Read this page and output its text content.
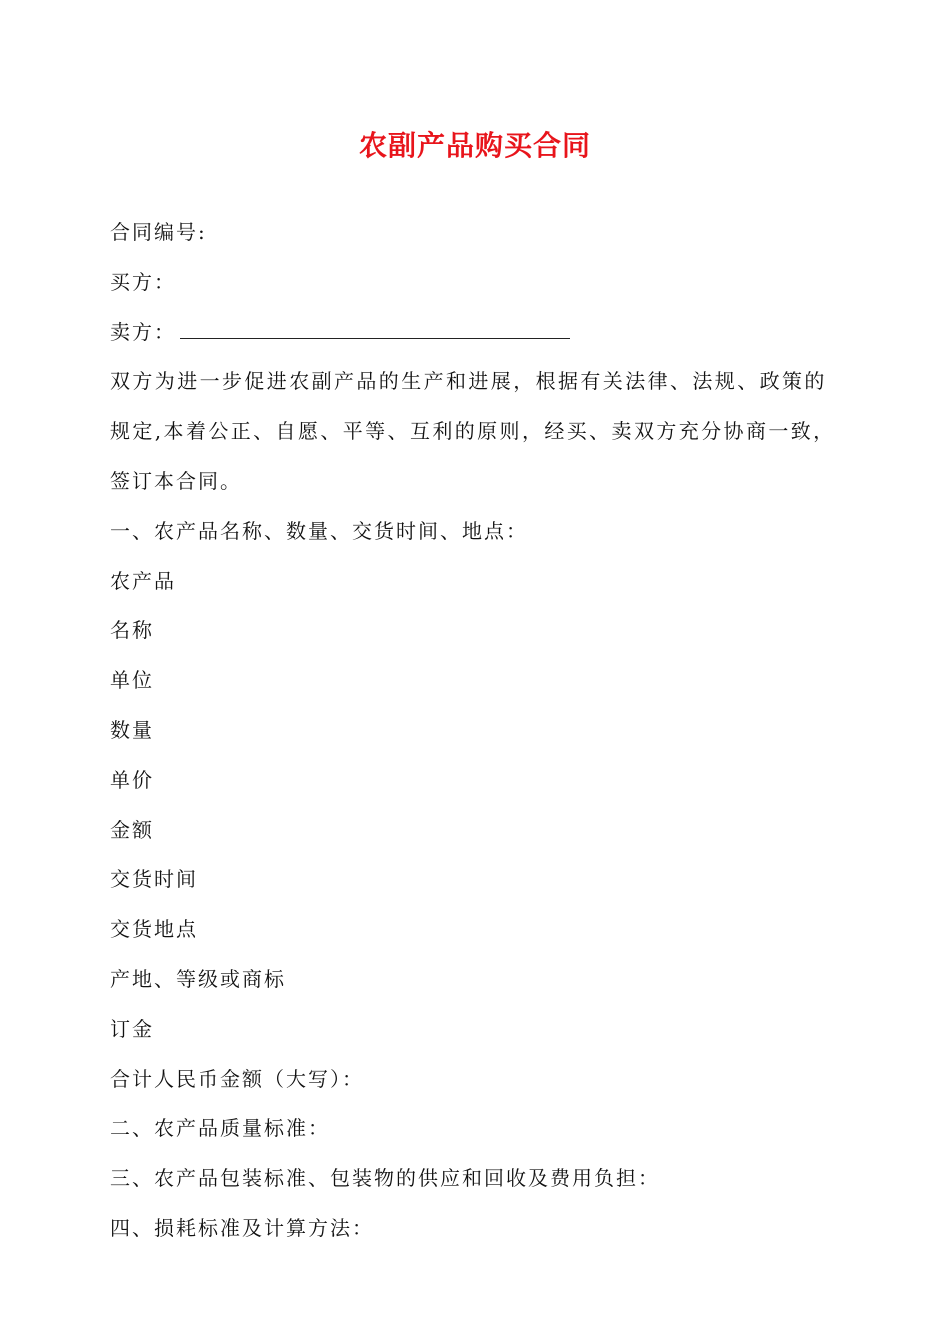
农副产品购买合同
合同编号:
买方：
卖方：
双方为进一步促进农副产品的生产和进展，根据有关法律、法规、政策的
规定,本着公正、自愿、平等、互利的原则，经买、卖双方充分协商一致，
签订本合同。
一、农产品名称、数量、交货时间、地点：
农产品
名称
单位
数量
单价
金额
交货时间
交货地点
产地、等级或商标
订金
合计人民币金额（大写）：
二、农产品质量标准：
三、农产品包装标准、包装物的供应和回收及费用负担：
四、损耗标准及计算方法：
